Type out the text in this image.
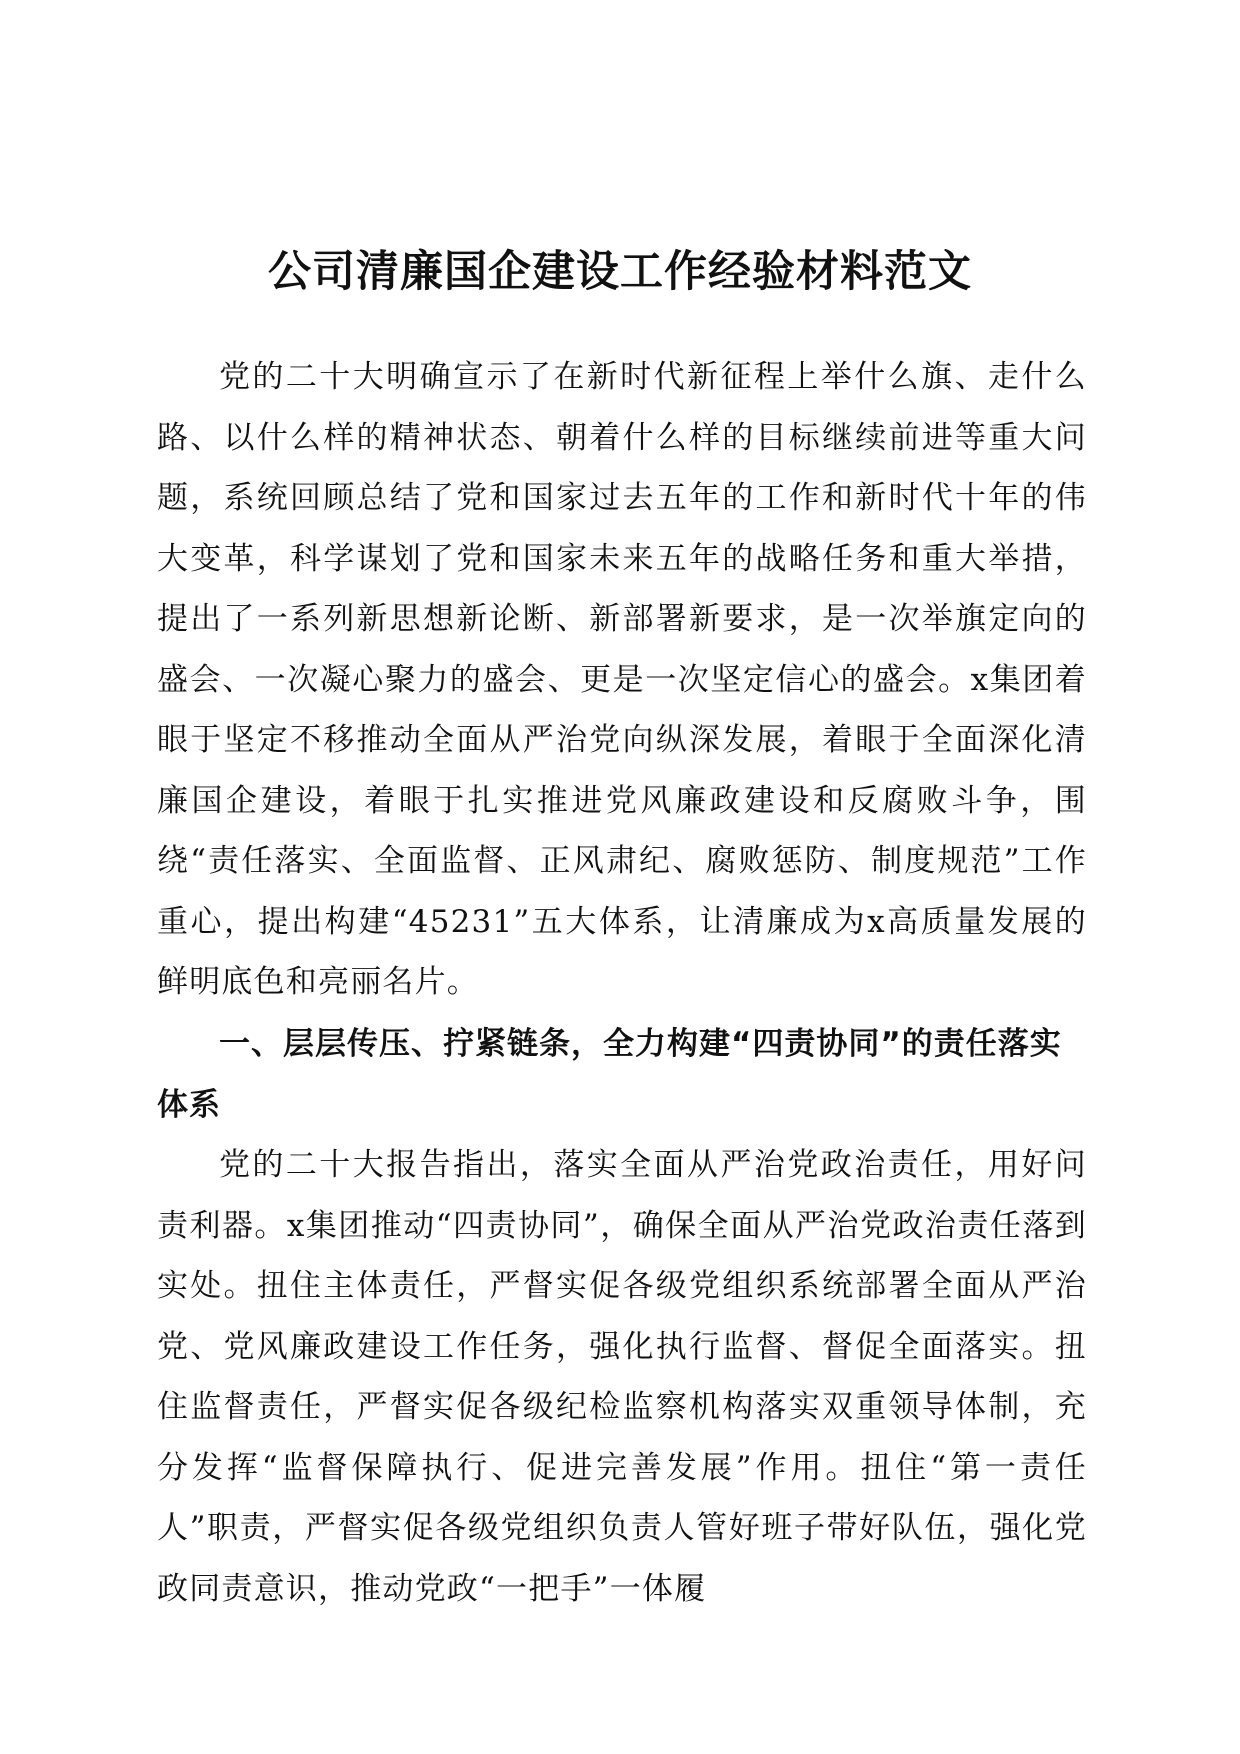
公司清廉国企建设工作经验材料范文

党的二十大明确宣示了在新时代新征程上举什么旗、走什么路、以什么样的精神状态、朝着什么样的目标继续前进等重大问题，系统回顾总结了党和国家过去五年的工作和新时代十年的伟大变革，科学谋划了党和国家未来五年的战略任务和重大举措，提出了一系列新思想新论断、新部署新要求，是一次举旗定向的盛会、一次凝心聚力的盛会、更是一次坚定信心的盛会。x集团着眼于坚定不移推动全面从严治党向纵深发展，着眼于全面深化清廉国企建设，着眼于扎实推进党风廉政建设和反腐败斗争，围绕“责任落实、全面监督、正风肃纪、腐败惩防、制度规范”工作重心，提出构建“45231”五大体系，让清廉成为x高质量发展的鲜明底色和亮丽名片。

一、层层传压、拧紧链条，全力构建“四责协同”的责任落实体系

党的二十大报告指出，落实全面从严治党政治责任，用好问责利器。x集团推动“四责协同”，确保全面从严治党政治责任落到实处。扭住主体责任，严督实促各级党组织系统部署全面从严治党、党风廉政建设工作任务，强化执行监督、督促全面落实。扭住监督责任，严督实促各级纪检监察机构落实双重领导体制，充分发挥“监督保障执行、促进完善发展”作用。扭住“第一责任人”职责，严督实促各级党组织负责人管好班子带好队伍，强化党政同责意识，推动党政“一把手”一体履
